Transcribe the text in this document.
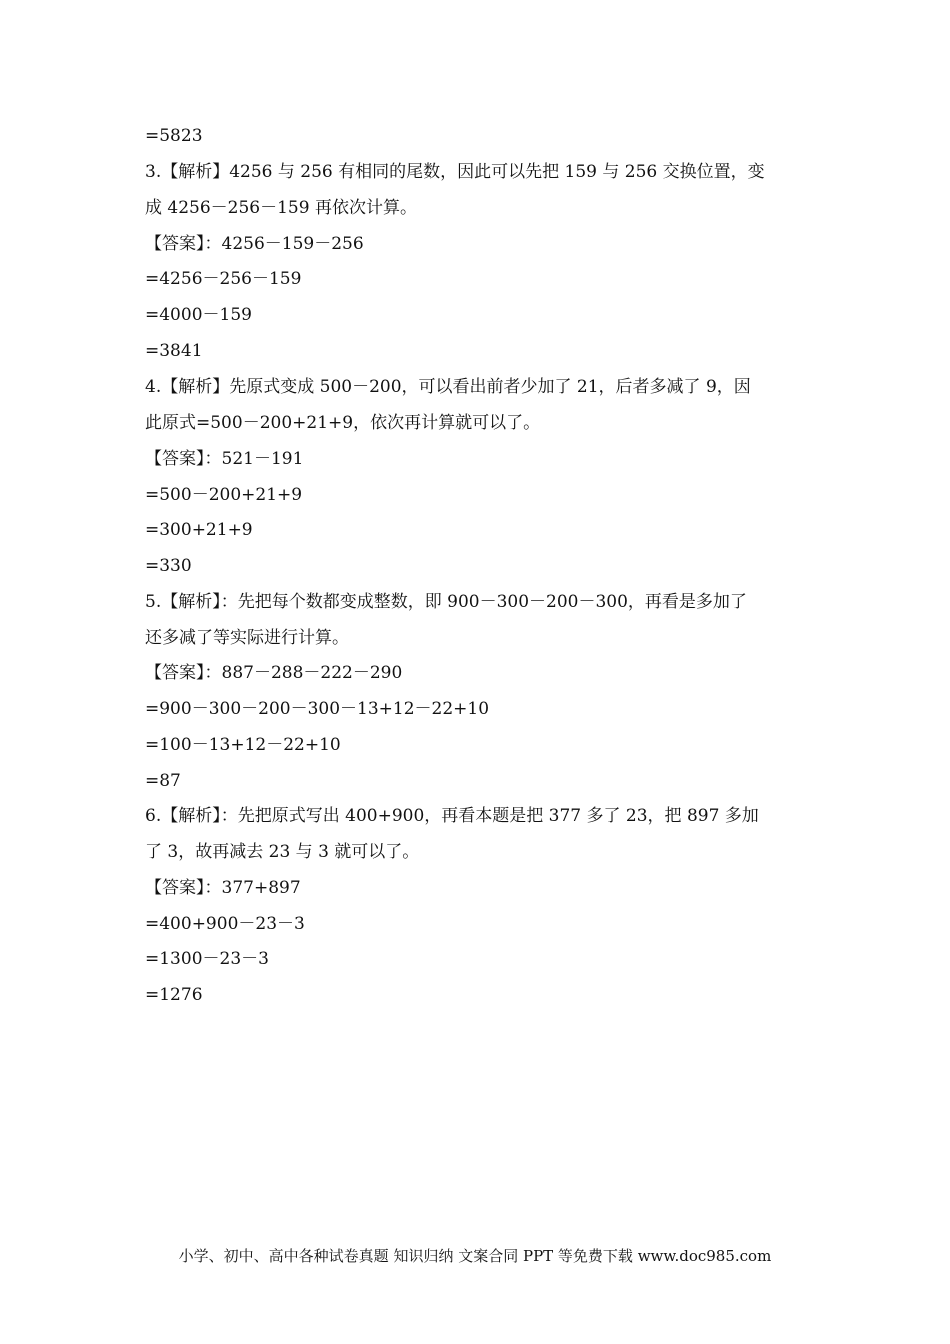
=5823
3.【解析】4256 与 256 有相同的尾数，因此可以先把 159 与 256 交换位置，变
成 4256－256－159 再依次计算。
【答案】：4256－159－256
=4256－256－159
=4000－159
=3841
4.【解析】先原式变成 500－200，可以看出前者少加了 21，后者多减了 9，因
此原式=500－200+21+9，依次再计算就可以了。
【答案】：521－191
=500－200+21+9
=300+21+9
=330
5.【解析】：先把每个数都变成整数，即 900－300－200－300，再看是多加了
还多减了等实际进行计算。
【答案】：887－288－222－290
=900－300－200－300－13+12－22+10
=100－13+12－22+10
=87
6.【解析】：先把原式写出 400+900，再看本题是把 377 多了 23，把 897 多加
了 3，故再减去 23 与 3 就可以了。
【答案】：377+897
=400+900－23－3
=1300－23－3
=1276
小学、初中、高中各种试卷真题 知识归纳 文案合同 PPT 等免费下载 www.doc985.com
